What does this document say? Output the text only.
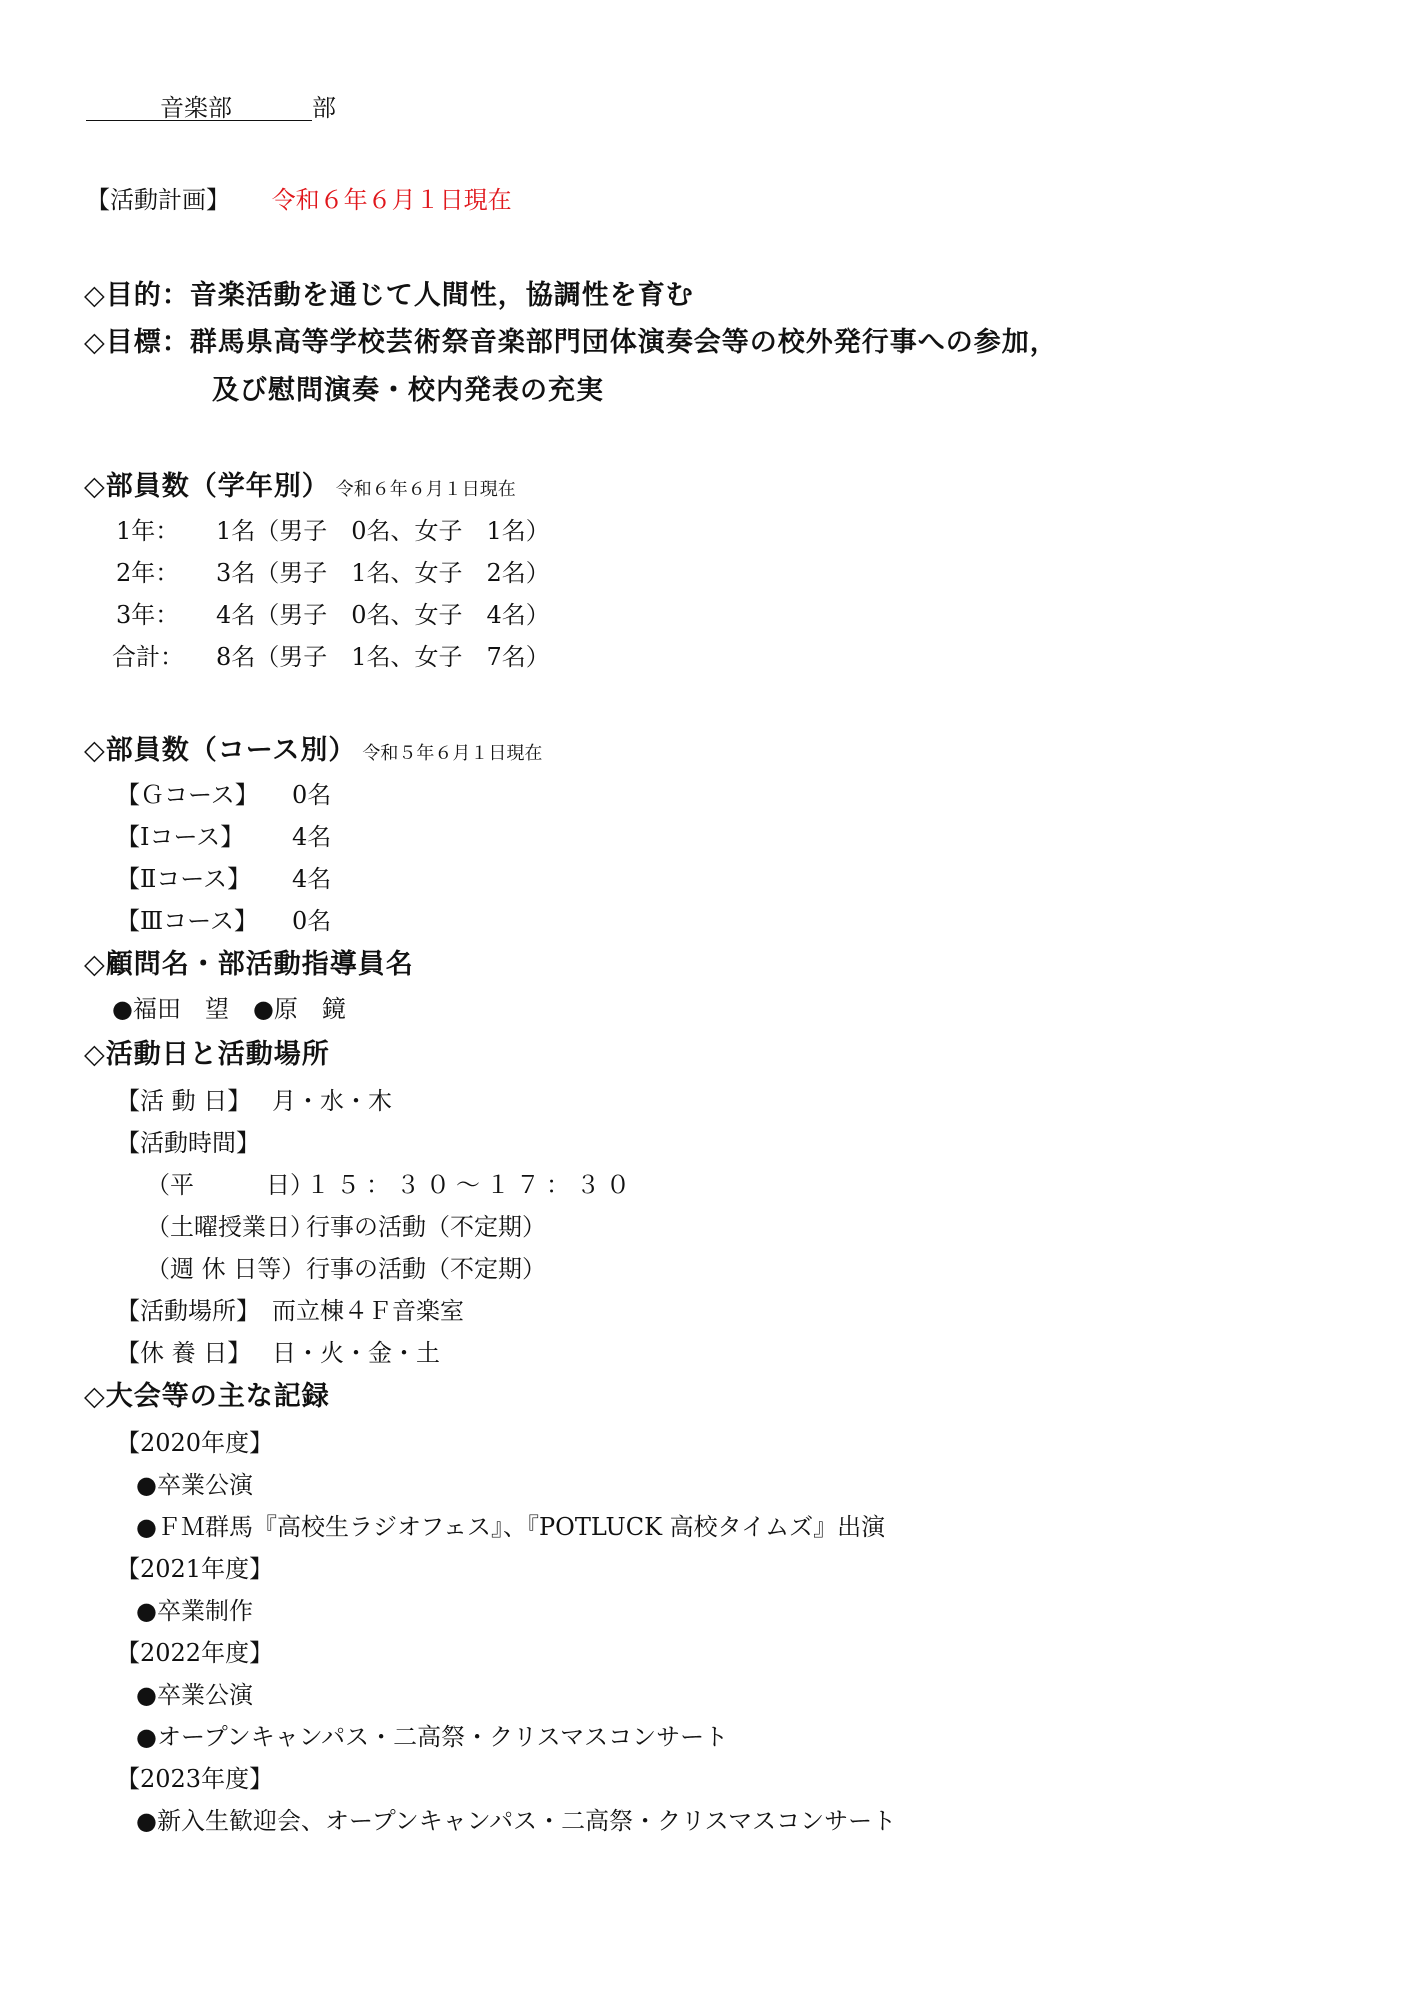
音楽部	部
【活動計画】 令和６年６月１日現在
◇目的：音楽活動を通じて人間性，協調性を育む
◇目標：群馬県高等学校芸術祭音楽部門団体演奏会等の校外発行事への参加，
及び慰問演奏・校内発表の充実
◇部員数（学年別） 令和６年６月１日現在
1年： 1名（男子　0名、女子　1名）
2年： 3名（男子　1名、女子　2名）
3年： 4名（男子　0名、女子　4名）
合計： 8名（男子　1名、女子　7名）
◇部員数（コース別） 令和５年６月１日現在
【Ｇコース】 0名
【Ⅰコース】 4名
【Ⅱコース】 4名
【Ⅲコース】 0名
◇顧問名・部活動指導員名
●福田　望　●原　鏡
◇活動日と活動場所
【活 動 日】 月・水・木
【活動時間】
（平　　　日）
１５：３０～１７：３０
（土曜授業日）
行事の活動（不定期）
（週 休 日等） 行事の活動（不定期）
【活動場所】 而立棟４Ｆ音楽室
【休 養 日】 日・火・金・土
◇大会等の主な記録
【2020年度】
●卒業公演
●ＦＭ群馬『高校生ラジオフェス』、『POTLUCK 高校タイムズ』出演
【2021年度】
●卒業制作
【2022年度】
●卒業公演
●オープンキャンパス・二高祭・クリスマスコンサート
【2023年度】
●新入生歓迎会、オープンキャンパス・二高祭・クリスマスコンサート
